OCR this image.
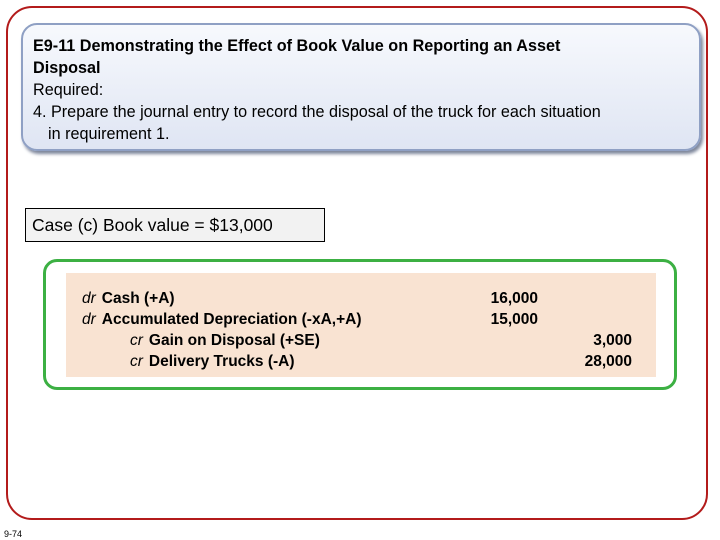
E9-11 Demonstrating the Effect of Book Value on Reporting an Asset
Disposal
Required:
4. Prepare the journal entry to record the disposal of the truck for each situation
in requirement 1.
Case (c) Book value = $13,000
dr Cash (+A)	16,000
dr Accumulated Depreciation (-xA,+A)	15,000
cr Gain on Disposal (+SE)	3,000
cr Delivery Trucks (-A)	28,000
9-74
